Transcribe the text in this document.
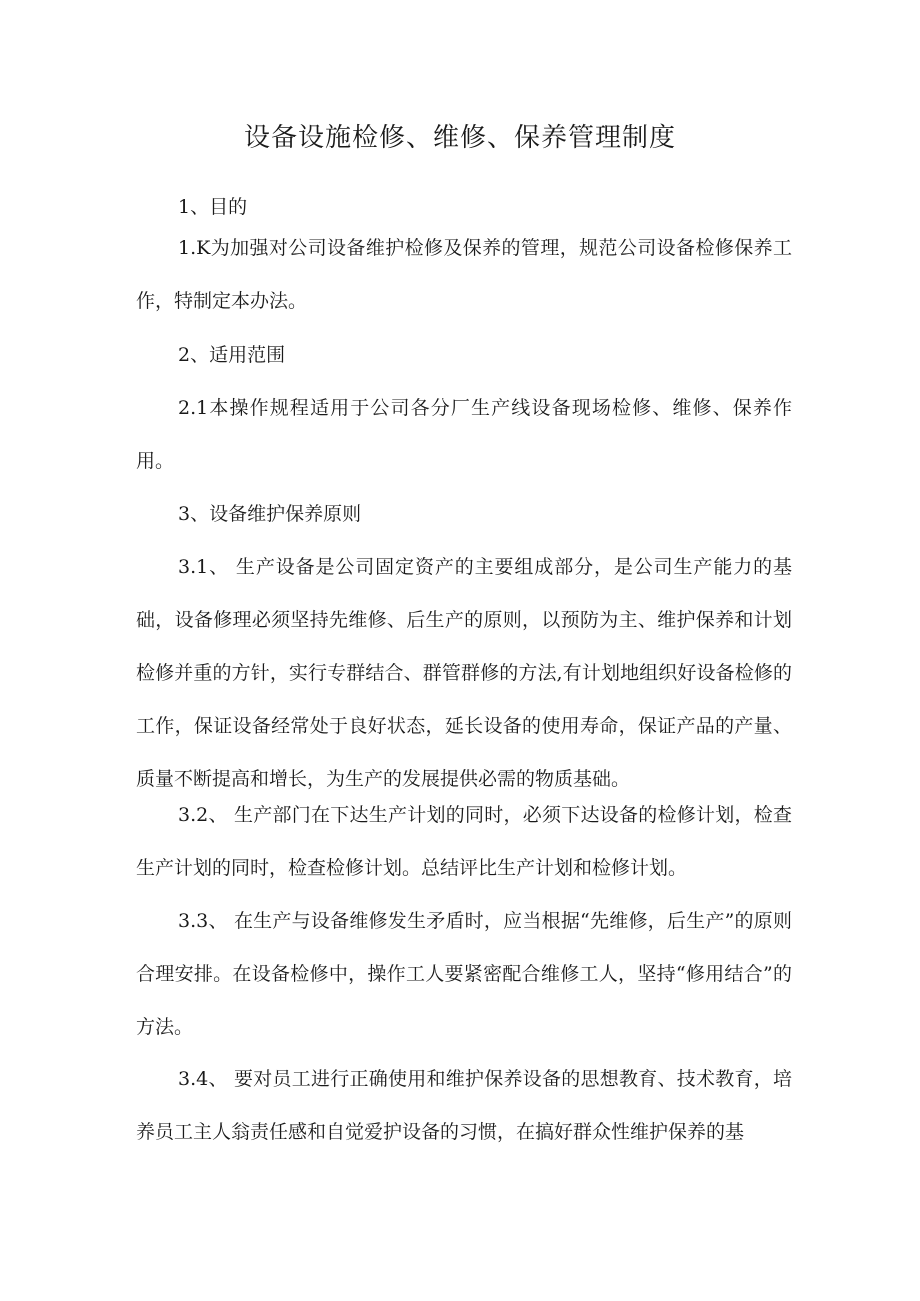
设备设施检修、维修、保养管理制度

1、目的

1.K为加强对公司设备维护检修及保养的管理，规范公司设备检修保养工作，特制定本办法。

2、适用范围

2.1本操作规程适用于公司各分厂生产线设备现场检修、维修、保养作用。

3、设备维护保养原则

3.1、 生产设备是公司固定资产的主要组成部分，是公司生产能力的基础，设备修理必须坚持先维修、后生产的原则，以预防为主、维护保养和计划检修并重的方针，实行专群结合、群管群修的方法,有计划地组织好设备检修的工作，保证设备经常处于良好状态，延长设备的使用寿命，保证产品的产量、质量不断提高和增长，为生产的发展提供必需的物质基础。

3.2、 生产部门在下达生产计划的同时，必须下达设备的检修计划，检查生产计划的同时，检查检修计划。总结评比生产计划和检修计划。

3.3、 在生产与设备维修发生矛盾时，应当根据“先维修，后生产”的原则合理安排。在设备检修中，操作工人要紧密配合维修工人，坚持“修用结合”的方法。

3.4、 要对员工进行正确使用和维护保养设备的思想教育、技术教育，培养员工主人翁责任感和自觉爱护设备的习惯，在搞好群众性维护保养的基
